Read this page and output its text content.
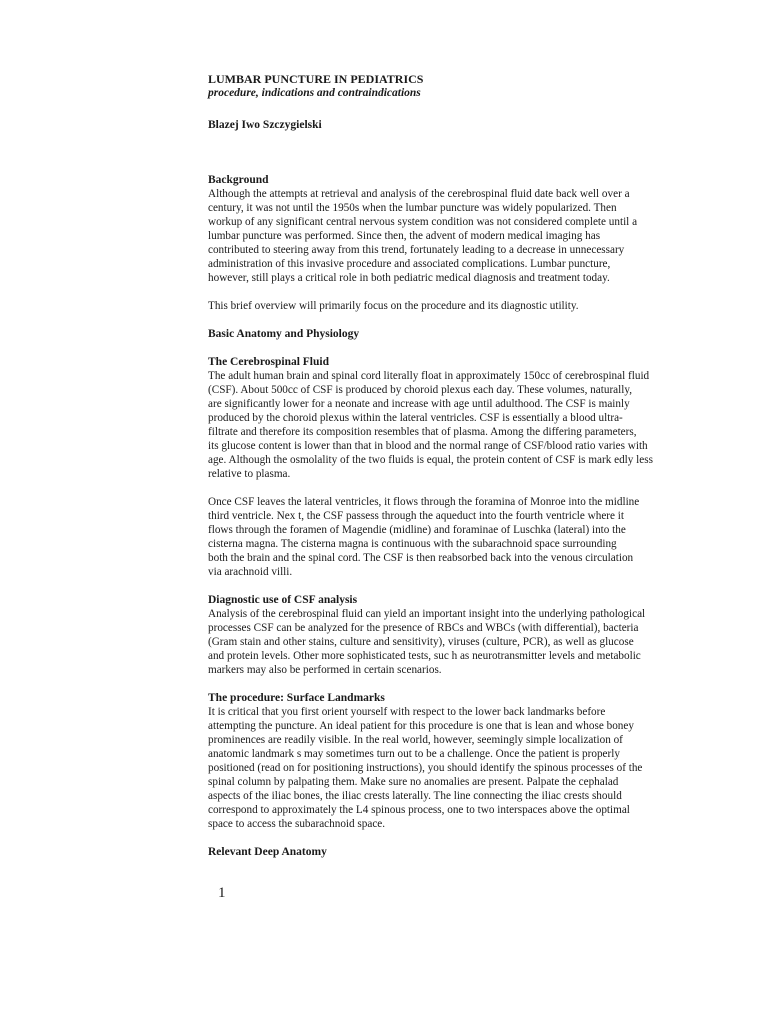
LUMBAR PUNCTURE IN PEDIATRICS

procedure, indications and contraindications

Blazej Iwo Szczygielski

Background

Although the attempts at retrieval and analysis of the cerebrospinal fluid date back well over a
century, it was not until the 1950s when the lumbar puncture was widely popularized. Then
workup of any significant central nervous system condition was not considered complete until a
lumbar puncture was performed. Since then, the advent of modern medical imaging has
contributed to steering away from this trend, fortunately leading to a decrease in unnecessary
administration of this invasive procedure and associated complications. Lumbar puncture,
however, still plays a critical role in both pediatric medical diagnosis and treatment today.

This brief overview will primarily focus on the procedure and its diagnostic utility.

Basic Anatomy and Physiology

The Cerebrospinal Fluid

The adult human brain and spinal cord literally float in approximately 150cc of cerebrospinal fluid
(CSF). About 500cc of CSF is produced by choroid plexus each day. These volumes, naturally,
are significantly lower for a neonate and increase with age until adulthood. The CSF is mainly
produced by the choroid plexus within the lateral ventricles. CSF is essentially a blood ultra-
filtrate and therefore its composition resembles that of plasma. Among the differing parameters,
its glucose content is lower than that in blood and the normal range of CSF/blood ratio varies with
age. Although the osmolality of the two fluids is equal, the protein content of CSF is mark edly less
relative to plasma.

Once CSF leaves the lateral ventricles, it flows through the foramina of Monroe into the midline
third ventricle. Nex t, the CSF passess through the aqueduct into the fourth ventricle where it
flows through the foramen of Magendie (midline) and foraminae of Luschka (lateral) into the
cisterna magna. The cisterna magna is continuous with the subarachnoid space surrounding
both the brain and the spinal cord. The CSF is then reabsorbed back into the venous circulation
via arachnoid villi.

Diagnostic use of CSF analysis

Analysis of the cerebrospinal fluid can yield an important insight into the underlying pathological
processes CSF can be analyzed for the presence of RBCs and WBCs (with differential), bacteria
(Gram stain and other stains, culture and sensitivity), viruses (culture, PCR), as well as glucose
and protein levels. Other more sophisticated tests, suc h as neurotransmitter levels and metabolic
markers may also be performed in certain scenarios.

The procedure: Surface Landmarks

It is critical that you first orient yourself with respect to the lower back landmarks before
attempting the puncture. An ideal patient for this procedure is one that is lean and whose boney
prominences are readily visible. In the real world, however, seemingly simple localization of
anatomic landmark s may sometimes turn out to be a challenge. Once the patient is properly
positioned (read on for positioning instructions), you should identify the spinous processes of the
spinal column by palpating them. Make sure no anomalies are present. Palpate the cephalad
aspects of the iliac bones, the iliac crests laterally. The line connecting the iliac crests should
correspond to approximately the L4 spinous process, one to two interspaces above the optimal
space to access the subarachnoid space.

Relevant Deep Anatomy

1
